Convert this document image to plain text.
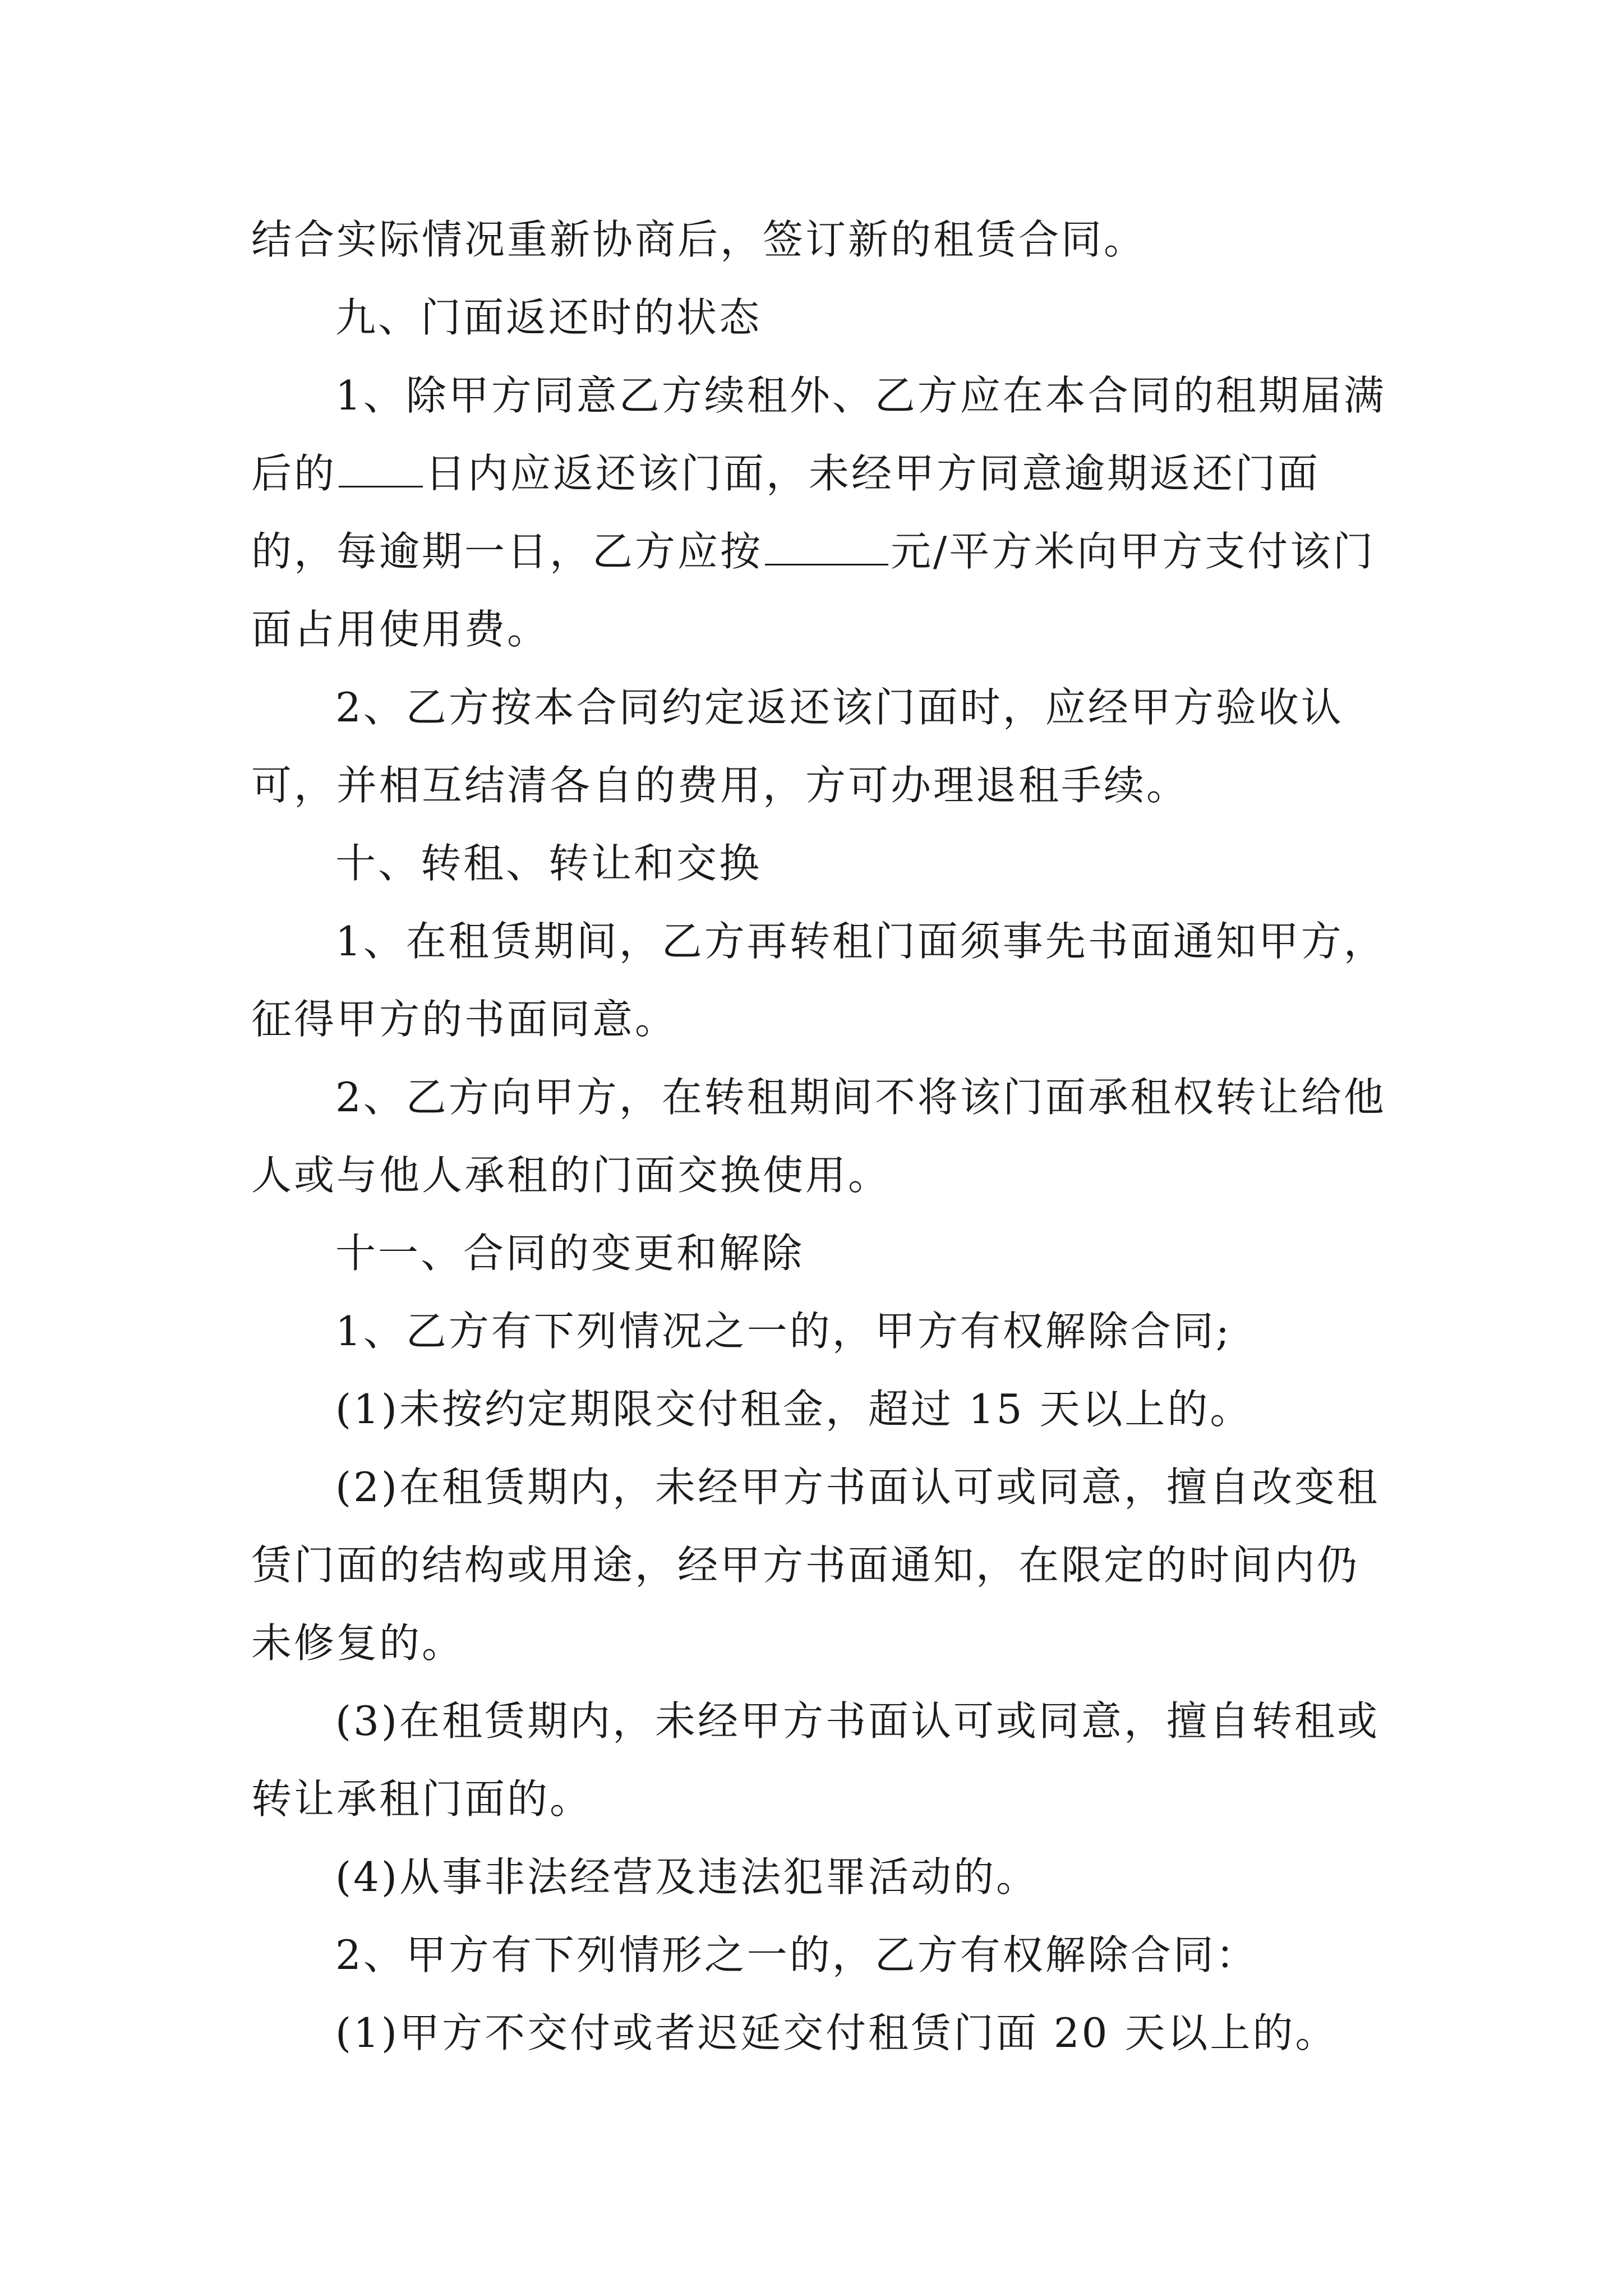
结合实际情况重新协商后，签订新的租赁合同。

九、门面返还时的状态

1、除甲方同意乙方续租外、乙方应在本合同的租期届满后的 日内应返还该门面，未经甲方同意逾期返还门面的，每逾期一日，乙方应按	元/平方米向甲方支付该门面占用使用费。

2、乙方按本合同约定返还该门面时，应经甲方验收认可，并相互结清各自的费用，方可办理退租手续。

十、转租、转让和交换

1、在租赁期间，乙方再转租门面须事先书面通知甲方，征得甲方的书面同意。

2、乙方向甲方，在转租期间不将该门面承租权转让给他人或与他人承租的门面交换使用。

十一、合同的变更和解除

1、乙方有下列情况之一的，甲方有权解除合同;

(1)未按约定期限交付租金，超过 15 天以上的。

(2)在租赁期内，未经甲方书面认可或同意，擅自改变租赁门面的结构或用途，经甲方书面通知，在限定的时间内仍未修复的。

(3)在租赁期内，未经甲方书面认可或同意，擅自转租或转让承租门面的。

(4)从事非法经营及违法犯罪活动的。

2、甲方有下列情形之一的，乙方有权解除合同：

(1)甲方不交付或者迟延交付租赁门面 20 天以上的。
